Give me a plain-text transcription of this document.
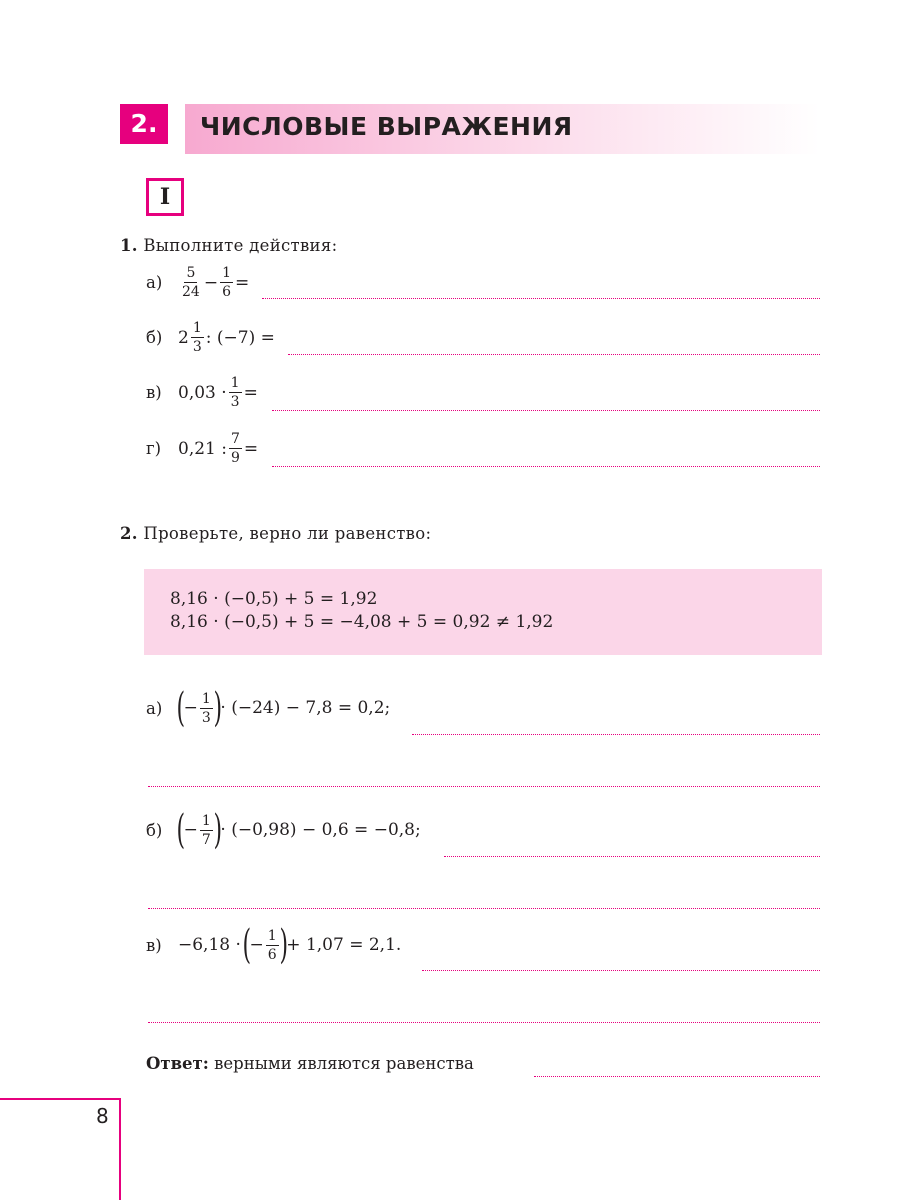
2.	ЧИСЛОВЫЕ ВЫРАЖЕНИЯ
I
1. Выполните действия:
а)	$\frac{5}{24} - \frac{1}{6}$ =
б) $2 \frac{1}{3}$ : (−7) =
в) $0,03 \cdot \frac{1}{3}$ =
г) 0,21 : $\frac{7}{9}$ =
2. Проверьте, верно ли равенство:
8,16 · (−0,5) + 5 = 1,92
8,16 · (−0,5) + 5 = −4,08 + 5 = 0,92 ≠ 1,92
а) (
− $\frac{1}{3}$ )
· (−24) − 7,8 = 0,2;
б) (
− $\frac{1}{7}$ )
· (−0,98) − 0,6 = −0,8;
в) −6,18 · (
− $\frac{1}{6}$ )
+ 1,07 = 2,1.
Ответ: верными являются равенства
8
